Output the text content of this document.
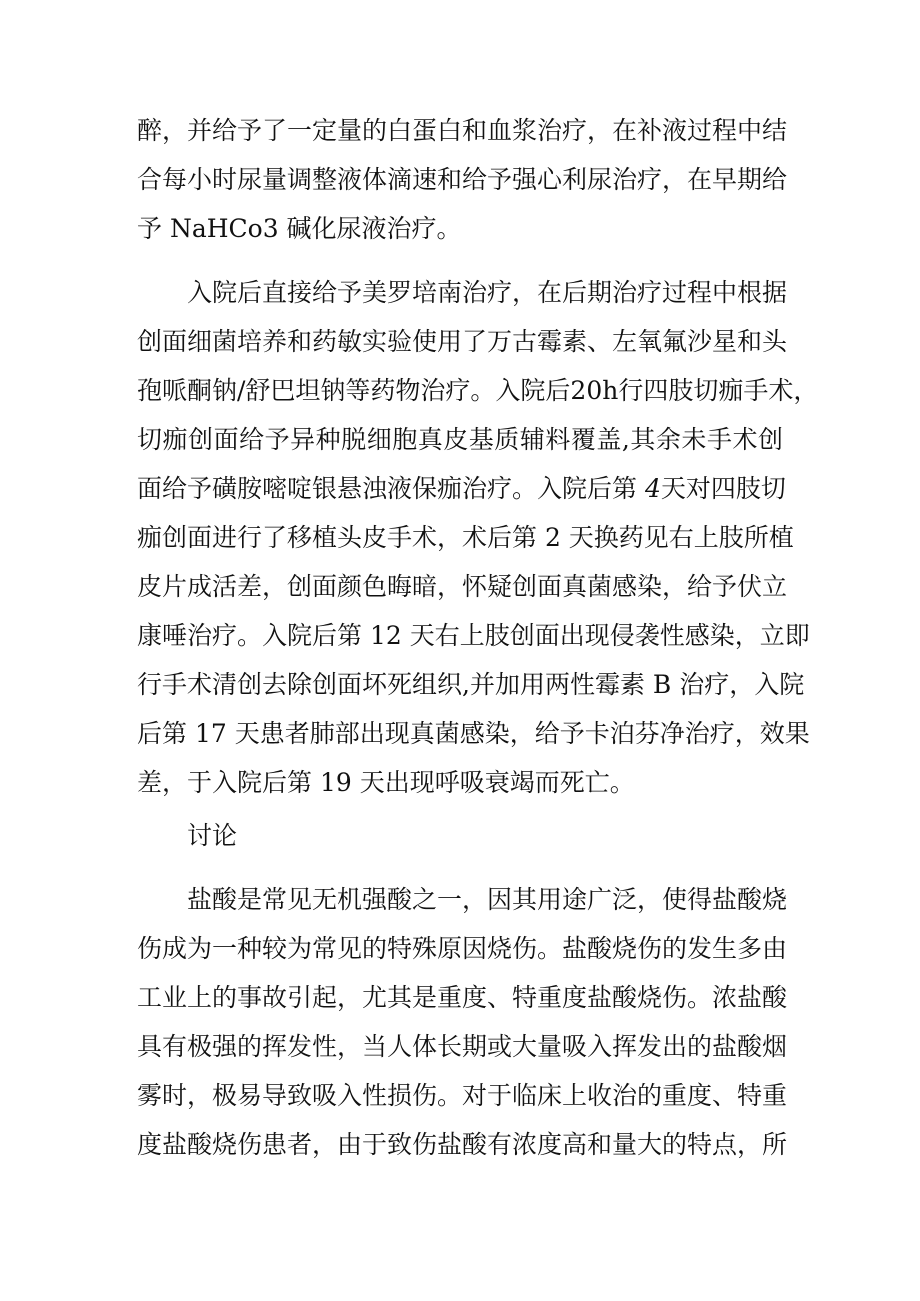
醉，并给予了一定量的白蛋白和血浆治疗，在补液过程中结

合每小时尿量调整液体滴速和给予强心利尿治疗，在早期给

予 NaHCo3 碱化尿液治疗。

入院后直接给予美罗培南治疗，在后期治疗过程中根据

创面细菌培养和药敏实验使用了万古霉素、左氧氟沙星和头

孢哌酮钠/舒巴坦钠等药物治疗。入院后20h行四肢切痂手术，

切痂创面给予异种脱细胞真皮基质辅料覆盖,其余未手术创

面给予磺胺嘧啶银悬浊液保痂治疗。入院后第 4天对四肢切

痂创面进行了移植头皮手术，术后第 2 天换药见右上肢所植

皮片成活差，创面颜色晦暗，怀疑创面真菌感染，给予伏立

康唾治疗。入院后第 12 天右上肢创面出现侵袭性感染，立即

行手术清创去除创面坏死组织,并加用两性霉素 B 治疗，入院

后第 17 天患者肺部出现真菌感染，给予卡泊芬净治疗，效果

差，于入院后第 19 天出现呼吸衰竭而死亡。

讨论

盐酸是常见无机强酸之一，因其用途广泛，使得盐酸烧

伤成为一种较为常见的特殊原因烧伤。盐酸烧伤的发生多由

工业上的事故引起，尤其是重度、特重度盐酸烧伤。浓盐酸

具有极强的挥发性，当人体长期或大量吸入挥发出的盐酸烟

雾时，极易导致吸入性损伤。对于临床上收治的重度、特重

度盐酸烧伤患者，由于致伤盐酸有浓度高和量大的特点，所
